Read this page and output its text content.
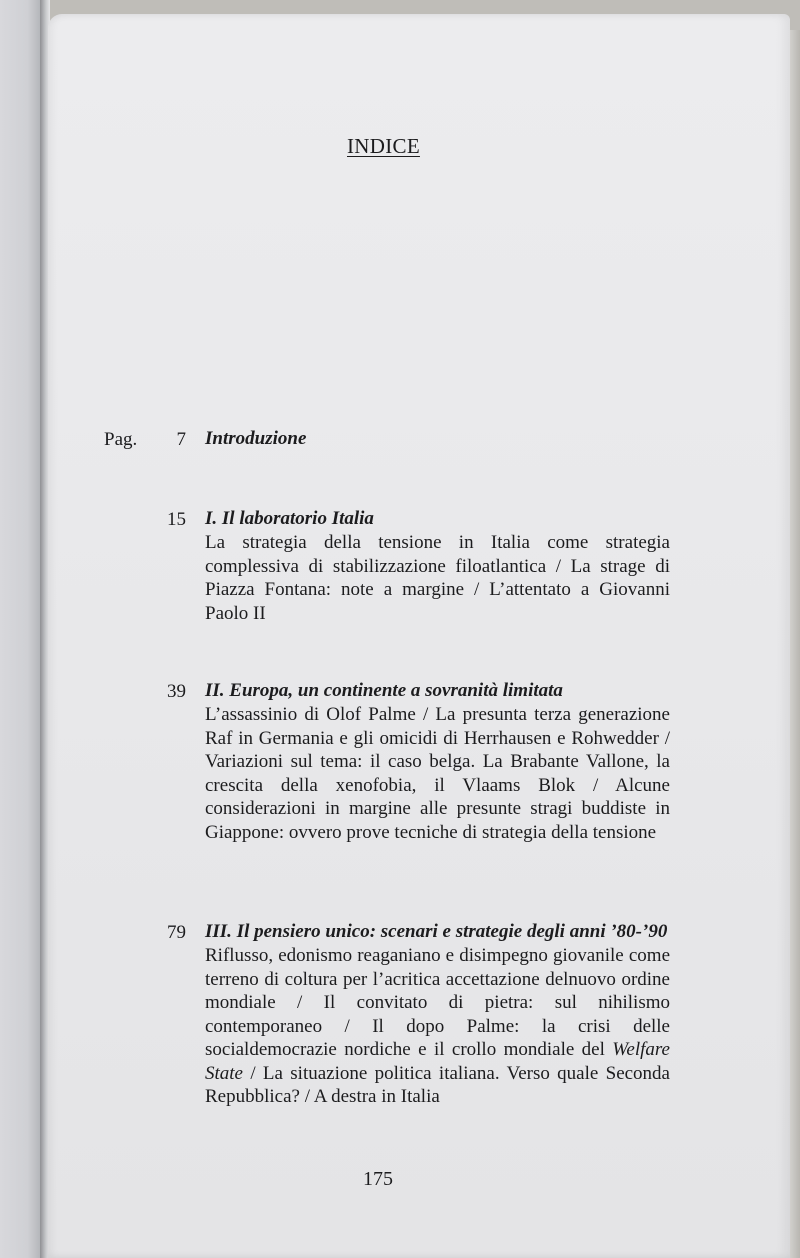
INDICE
Pag.	7 Introduzione

15 I. Il laboratorio Italia

La strategia della tensione in Italia come strategia complessiva di stabilizzazione filoatlantica / La strage di Piazza Fontana: note a margine / L’attentato a Giovanni Paolo II

39 II. Europa, un continente a sovranità limitata

L’assassinio di Olof Palme / La presunta terza generazione Raf in Germania e gli omicidi di Herrhausen e Rohwedder / Variazioni sul tema: il caso belga. La Brabante Vallone, la crescita della xenofobia, il Vlaams Blok / Alcune considerazioni in margine alle presunte stragi buddiste in Giappone: ovvero prove tecniche di strategia della tensione

79 III. Il pensiero unico: scenari e strategie degli anni ’80-’90

Riflusso, edonismo reaganiano e disimpegno giovanile come terreno di coltura per l’acritica accettazione delnuovo ordine mondiale / Il convitato di pietra: sul nihilismo contemporaneo / Il dopo Palme: la crisi delle socialdemocrazie nordiche e il crollo mondiale del Welfare State / La situazione politica italiana. Verso quale Seconda Repubblica? / A destra in Italia

175
